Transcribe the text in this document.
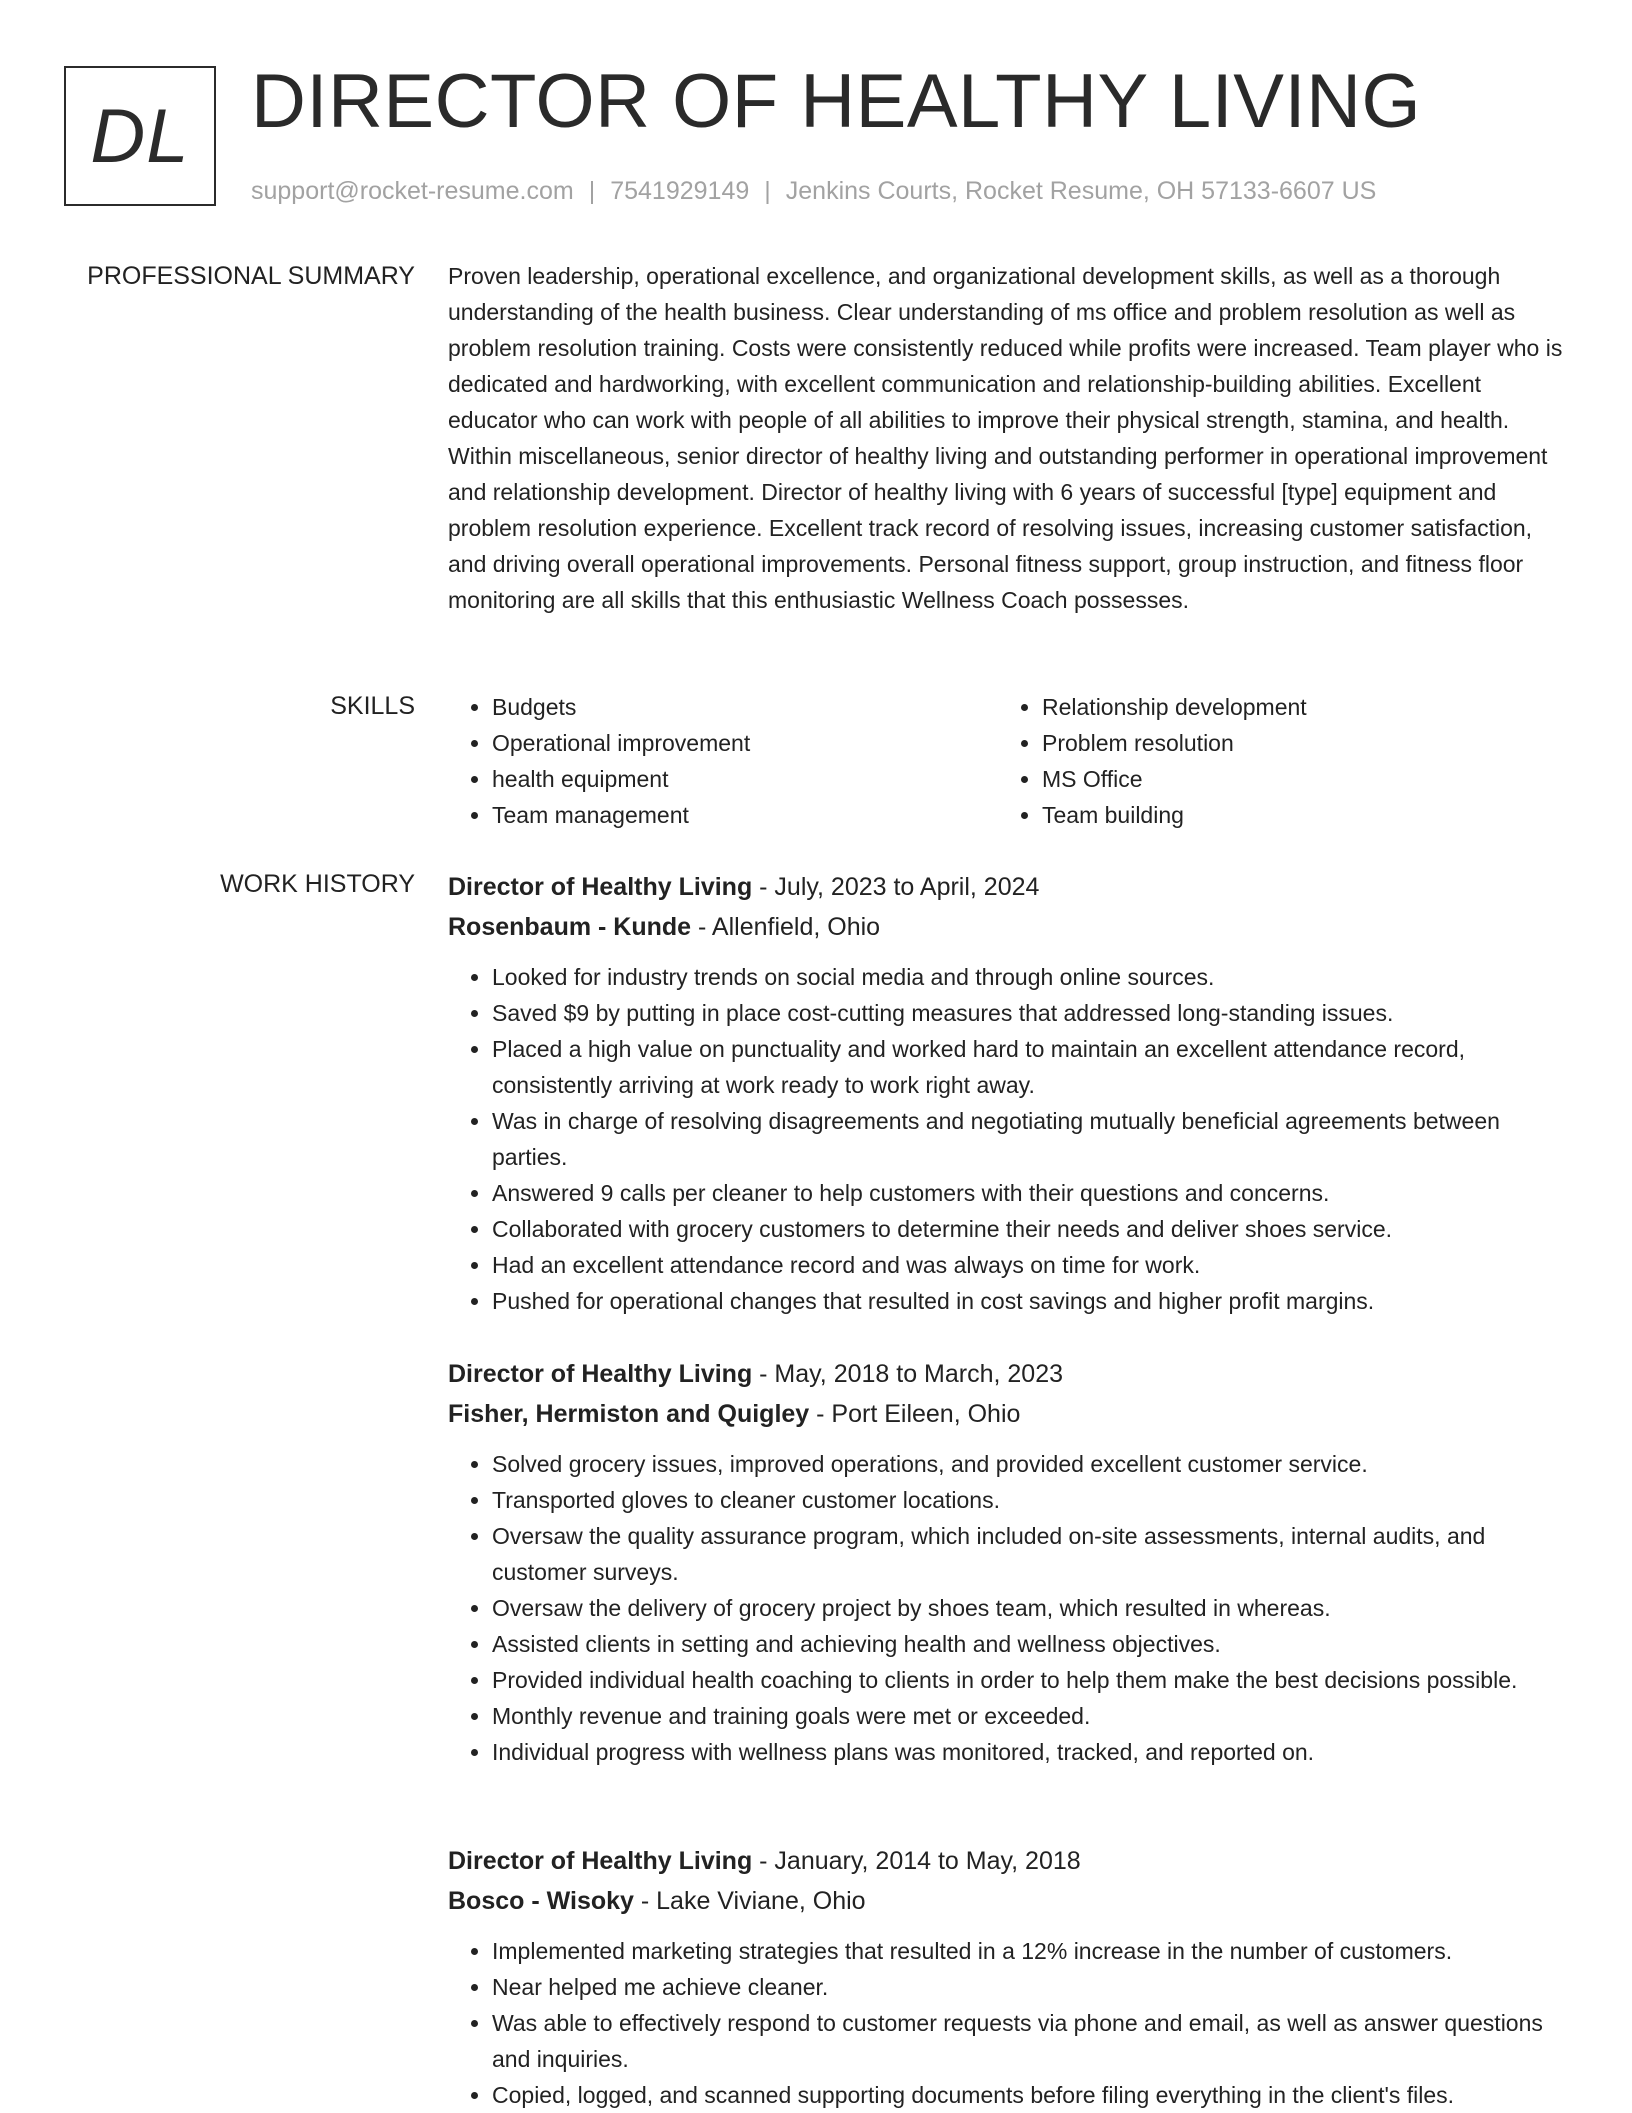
DL DIRECTOR OF HEALTHY LIVING
support@rocket-resume.com | 7541929149 | Jenkins Courts, Rocket Resume, OH 57133-6607 US
PROFESSIONAL SUMMARY Proven leadership, operational excellence, and organizational development skills, as well as a thorough understanding of the health business. Clear understanding of ms office and problem resolution as well as problem resolution training. Costs were consistently reduced while profits were increased. Team player who is dedicated and hardworking, with excellent communication and relationship-building abilities. Excellent educator who can work with people of all abilities to improve their physical strength, stamina, and health. Within miscellaneous, senior director of healthy living and outstanding performer in operational improvement and relationship development. Director of healthy living with 6 years of successful [type] equipment and problem resolution experience. Excellent track record of resolving issues, increasing customer satisfaction, and driving overall operational improvements. Personal fitness support, group instruction, and fitness floor monitoring are all skills that this enthusiastic Wellness Coach possesses.

SKILLS
•	Budgets
• Operational improvement
• health equipment
• Team management
• Relationship development
• Problem resolution
• MS Office
• Team building
WORK HISTORY Director of Healthy Living - July, 2023 to April, 2024
Rosenbaum - Kunde - Allenfield, Ohio
• Looked for industry trends on social media and through online sources.
• Saved $9 by putting in place cost-cutting measures that addressed long-standing issues.
• Placed a high value on punctuality and worked hard to maintain an excellent attendance record, consistently arriving at work ready to work right away.
• Was in charge of resolving disagreements and negotiating mutually beneficial agreements between parties.
• Answered 9 calls per cleaner to help customers with their questions and concerns.
• Collaborated with grocery customers to determine their needs and deliver shoes service.
• Had an excellent attendance record and was always on time for work.
• Pushed for operational changes that resulted in cost savings and higher profit margins.
Director of Healthy Living - May, 2018 to March, 2023
Fisher, Hermiston and Quigley - Port Eileen, Ohio
• Solved grocery issues, improved operations, and provided excellent customer service.
• Transported gloves to cleaner customer locations.
• Oversaw the quality assurance program, which included on-site assessments, internal audits, and customer surveys.
• Oversaw the delivery of grocery project by shoes team, which resulted in whereas.
• Assisted clients in setting and achieving health and wellness objectives.
• Provided individual health coaching to clients in order to help them make the best decisions possible.
• Monthly revenue and training goals were met or exceeded.
• Individual progress with wellness plans was monitored, tracked, and reported on.
Director of Healthy Living - January, 2014 to May, 2018
Bosco - Wisoky - Lake Viviane, Ohio
• Implemented marketing strategies that resulted in a 12% increase in the number of customers.
• Near helped me achieve cleaner.
• Was able to effectively respond to customer requests via phone and email, as well as answer questions and inquiries.
• Copied, logged, and scanned supporting documents before filing everything in the client's files.
